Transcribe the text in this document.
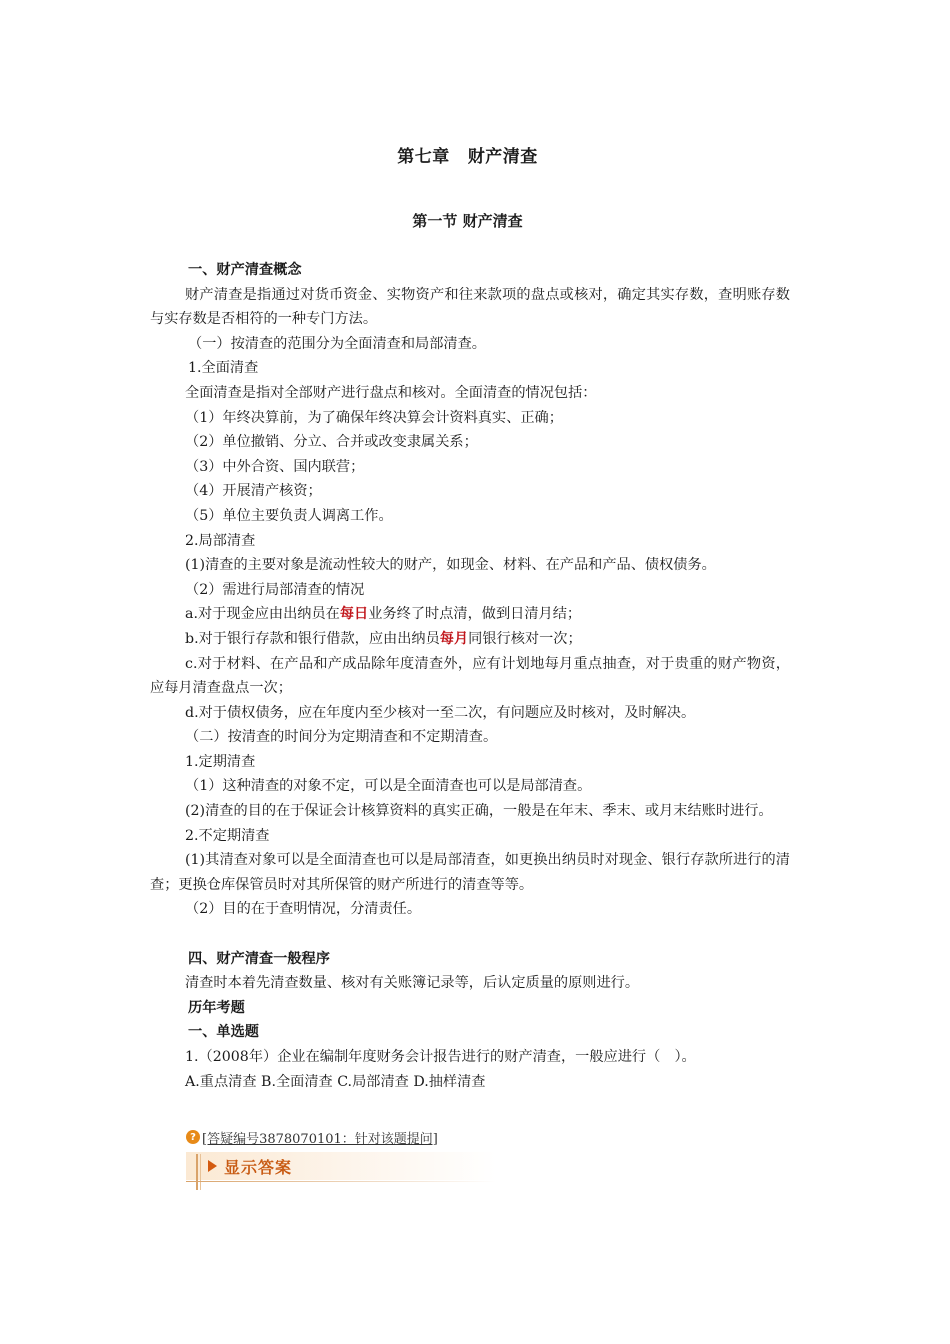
第七章 财产清查
第一节 财产清查
一、财产清查概念
财产清查是指通过对货币资金、实物资产和往来款项的盘点或核对，确定其实存数，查明账存数与实存数是否相符的一种专门方法。
（一）按清查的范围分为全面清查和局部清查。
1.全面清查
全面清查是指对全部财产进行盘点和核对。全面清查的情况包括：
（1）年终决算前，为了确保年终决算会计资料真实、正确；
（2）单位撤销、分立、合并或改变隶属关系；
（3）中外合资、国内联营；
（4）开展清产核资；
（5）单位主要负责人调离工作。
2.局部清查
(1)清查的主要对象是流动性较大的财产，如现金、材料、在产品和产品、债权债务。
（2）需进行局部清查的情况
a.对于现金应由出纳员在每日业务终了时点清，做到日清月结；
b.对于银行存款和银行借款，应由出纳员每月同银行核对一次；
c.对于材料、在产品和产成品除年度清查外，应有计划地每月重点抽查，对于贵重的财产物资，应每月清查盘点一次；
d.对于债权债务，应在年度内至少核对一至二次，有问题应及时核对，及时解决。
（二）按清查的时间分为定期清查和不定期清查。
1.定期清查
（1）这种清查的对象不定，可以是全面清查也可以是局部清查。
(2)清查的目的在于保证会计核算资料的真实正确，一般是在年末、季末、或月末结账时进行。
2.不定期清查
(1)其清查对象可以是全面清查也可以是局部清查，如更换出纳员时对现金、银行存款所进行的清查；更换仓库保管员时对其所保管的财产所进行的清查等等。
（2）目的在于查明情况，分清责任。
四、财产清查一般程序
清查时本着先清查数量、核对有关账簿记录等，后认定质量的原则进行。
历年考题
一、单选题
1.（2008年）企业在编制年度财务会计报告进行的财产清查，一般应进行（　）。
A.重点清查 B.全面清查 C.局部清查 D.抽样清查
? [答疑编号3878070101：针对该题提问]
显示答案
